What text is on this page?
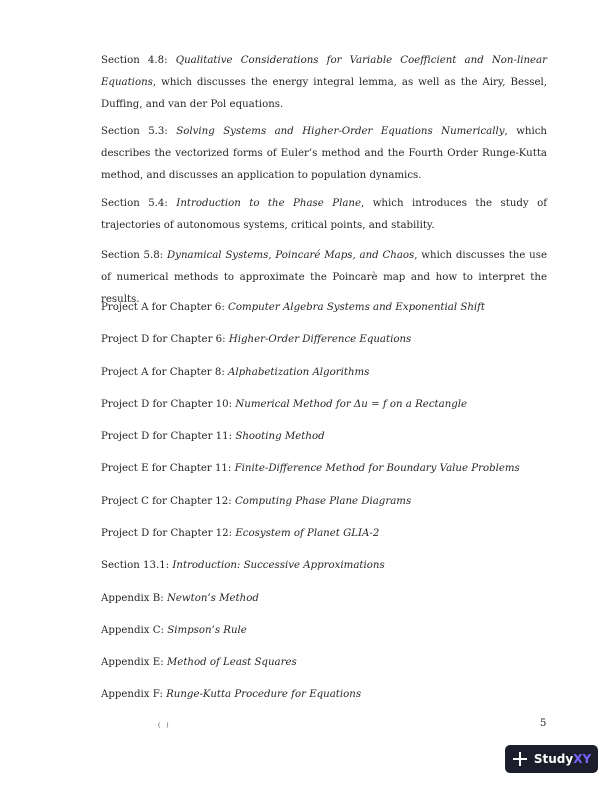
Section 4.8: Qualitative Considerations for Variable Coefficient and Non-linear Equations, which discusses the energy integral lemma, as well as the Airy, Bessel, Duffing, and van der Pol equations.

Section 5.3: Solving Systems and Higher-Order Equations Numerically, which describes the vectorized forms of Euler’s method and the Fourth Order Runge-Kutta method, and discusses an application to population dynamics.

Section 5.4: Introduction to the Phase Plane, which introduces the study of trajectories of autonomous systems, critical points, and stability.

Section 5.8: Dynamical Systems, Poincaré Maps, and Chaos, which discusses the use of numerical methods to approximate the Poincarè map and how to interpret the results.

Project A for Chapter 6: Computer Algebra Systems and Exponential Shift

Project D for Chapter 6: Higher-Order Difference Equations

Project A for Chapter 8: Alphabetization Algorithms

Project D for Chapter 10: Numerical Method for Δu = f on a Rectangle

Project D for Chapter 11: Shooting Method

Project E for Chapter 11: Finite-Difference Method for Boundary Value Problems

Project C for Chapter 12: Computing Phase Plane Diagrams

Project D for Chapter 12: Ecosystem of Planet GLIA-2

Section 13.1: Introduction: Successive Approximations

Appendix B: Newton’s Method

Appendix C: Simpson’s Rule

Appendix E: Method of Least Squares

Appendix F: Runge-Kutta Procedure for Equations

( )	5
Study XY
